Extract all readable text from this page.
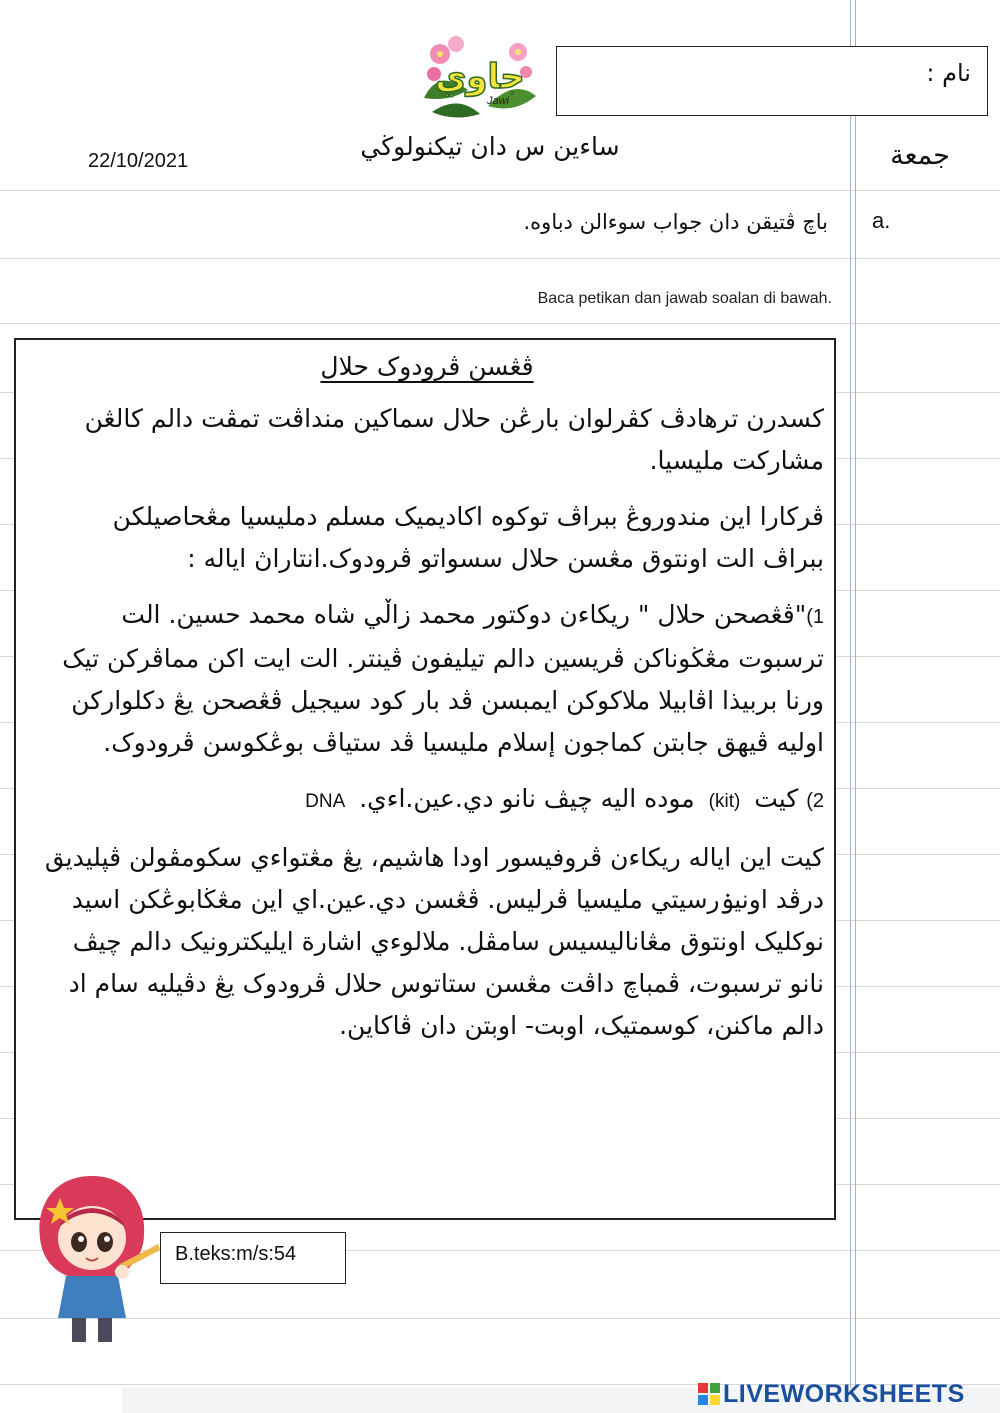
جاوي
Jawi
نام :
ساءين س دان تيکنولوڬي
22/10/2021	جمعة
a.
باچ ڤتيقن دان جواب سوءالن دباوه.
Baca petikan dan jawab soalan di bawah.
ڤڠسن ڤرودوک حلال

کسدرن ترهادڤ کڤرلوان بارڠن حلال سماکين منداڤت تمڤت دالم کالڠن مشارکت مليسيا.

ڤرکارا اين مندوروڠ ببراڤ توکوه اکاديميک مسلم دمليسيا مڠحاصيلکن ببراڤ الت اونتوق مڠسن حلال سسواتو ڤرودوک.انتاراڽ اياله :

1)"ڤڠصحن حلال " ريکاءن دوکتور محمد زاڵي شاه محمد حسين. الت ترسبوت مڠڬوناکن ڤريسين دالم تيليفون ڤينتر. الت ايت اکن مماڤرکن تيک ورنا بربيذا اڤابيلا ملاکوکن ايمبسن ڤد بار کود سيجيل ڤڠصحن يڠ دکلوارکن اوليه ڤيهق جابتن کماجون إسلام مليسيا ڤد ستياڤ بوڠکوسن ڤرودوک.

2) کيت (kit) موده اليه چيڤ نانو دي.عين.اءي. DNA

کيت اين اياله ريکاءن ڤروفيسور اودا هاشيم، يڠ مڠتواءي سکومڤولن ڤڽليديق درڤد اونيۏرسيتي مليسيا ڤرليس. ڤڠسن دي.عين.اي اين مڠڬابوڠکن اسيد نوکليک اونتوق مڠاناليسيس سامڤل. ملالوءي اشارة ايليکترونيک دالم چيڤ نانو ترسبوت، ڤمباچ داڤت مڠسن ستاتوس حلال ڤرودوک يڠ دڤيليه سام اد دالم ماکنن، کوسمتيک، اوبت- اوبتن دان ڤاکاين.

B.teks:m/s:54
LIVEWORKSHEETS
